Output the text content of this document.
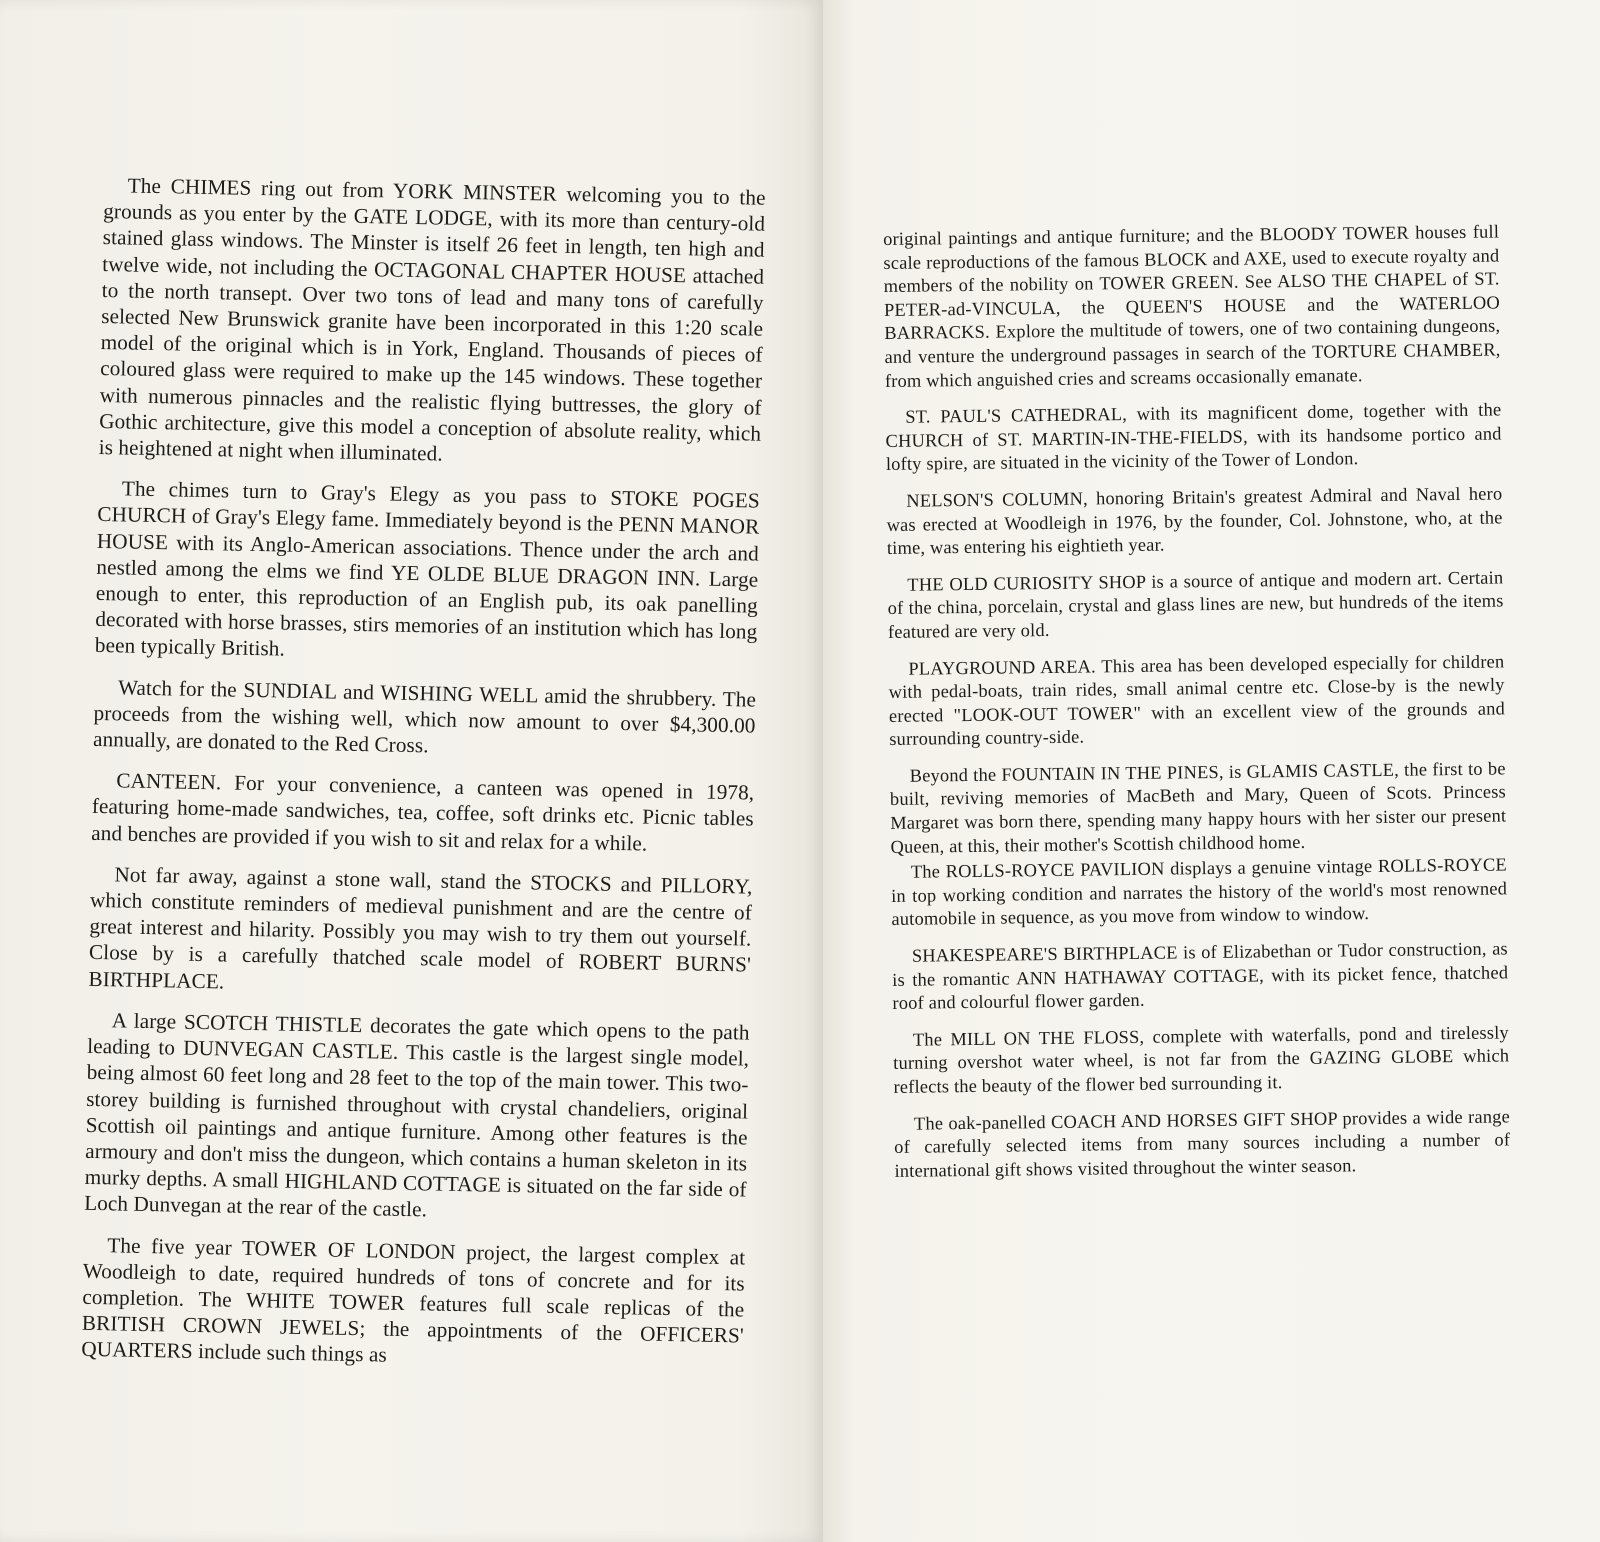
The CHIMES ring out from YORK MINSTER welcoming you to the grounds as you enter by the GATE LODGE, with its more than century-old stained glass windows. The Minster is itself 26 feet in length, ten high and twelve wide, not including the OCTAGONAL CHAPTER HOUSE attached to the north transept. Over two tons of lead and many tons of carefully selected New Brunswick granite have been incorporated in this 1:20 scale model of the original which is in York, England. Thousands of pieces of coloured glass were required to make up the 145 windows. These together with numerous pinnacles and the realistic flying buttresses, the glory of Gothic architecture, give this model a conception of absolute reality, which is heightened at night when illuminated.

The chimes turn to Gray's Elegy as you pass to STOKE POGES CHURCH of Gray's Elegy fame. Immediately beyond is the PENN MANOR HOUSE with its Anglo-American associations. Thence under the arch and nestled among the elms we find YE OLDE BLUE DRAGON INN. Large enough to enter, this reproduction of an English pub, its oak panelling decorated with horse brasses, stirs memories of an institution which has long been typically British.

Watch for the SUNDIAL and WISHING WELL amid the shrubbery. The proceeds from the wishing well, which now amount to over $4,300.00 annually, are donated to the Red Cross.

CANTEEN. For your convenience, a canteen was opened in 1978, featuring home-made sandwiches, tea, coffee, soft drinks etc. Picnic tables and benches are provided if you wish to sit and relax for a while.

Not far away, against a stone wall, stand the STOCKS and PILLORY, which constitute reminders of medieval punishment and are the centre of great interest and hilarity. Possibly you may wish to try them out yourself. Close by is a carefully thatched scale model of ROBERT BURNS' BIRTHPLACE.

A large SCOTCH THISTLE decorates the gate which opens to the path leading to DUNVEGAN CASTLE. This castle is the largest single model, being almost 60 feet long and 28 feet to the top of the main tower. This two-storey building is furnished throughout with crystal chandeliers, original Scottish oil paintings and antique furniture. Among other features is the armoury and don't miss the dungeon, which contains a human skeleton in its murky depths. A small HIGHLAND COTTAGE is situated on the far side of Loch Dunvegan at the rear of the castle.

The five year TOWER OF LONDON project, the largest complex at Woodleigh to date, required hundreds of tons of concrete and for its completion. The WHITE TOWER features full scale replicas of the BRITISH CROWN JEWELS; the appointments of the OFFICERS' QUARTERS include such things as

original paintings and antique furniture; and the BLOODY TOWER houses full scale reproductions of the famous BLOCK and AXE, used to execute royalty and members of the nobility on TOWER GREEN. See ALSO THE CHAPEL of ST. PETER-ad-VINCULA, the QUEEN'S HOUSE and the WATERLOO BARRACKS. Explore the multitude of towers, one of two containing dungeons, and venture the underground passages in search of the TORTURE CHAMBER, from which anguished cries and screams occasionally emanate.

ST. PAUL'S CATHEDRAL, with its magnificent dome, together with the CHURCH of ST. MARTIN-IN-THE-FIELDS, with its handsome portico and lofty spire, are situated in the vicinity of the Tower of London.

NELSON'S COLUMN, honoring Britain's greatest Admiral and Naval hero was erected at Woodleigh in 1976, by the founder, Col. Johnstone, who, at the time, was entering his eightieth year.

THE OLD CURIOSITY SHOP is a source of antique and modern art. Certain of the china, porcelain, crystal and glass lines are new, but hundreds of the items featured are very old.

PLAYGROUND AREA. This area has been developed especially for children with pedal-boats, train rides, small animal centre etc. Close-by is the newly erected "LOOK-OUT TOWER" with an excellent view of the grounds and surrounding country-side.

Beyond the FOUNTAIN IN THE PINES, is GLAMIS CASTLE, the first to be built, reviving memories of MacBeth and Mary, Queen of Scots. Princess Margaret was born there, spending many happy hours with her sister our present Queen, at this, their mother's Scottish childhood home.

The ROLLS-ROYCE PAVILION displays a genuine vintage ROLLS-ROYCE in top working condition and narrates the history of the world's most renowned automobile in sequence, as you move from window to window.

SHAKESPEARE'S BIRTHPLACE is of Elizabethan or Tudor construction, as is the romantic ANN HATHAWAY COTTAGE, with its picket fence, thatched roof and colourful flower garden.

The MILL ON THE FLOSS, complete with waterfalls, pond and tirelessly turning overshot water wheel, is not far from the GAZING GLOBE which reflects the beauty of the flower bed surrounding it.

The oak-panelled COACH AND HORSES GIFT SHOP provides a wide range of carefully selected items from many sources including a number of international gift shows visited throughout the winter season.
